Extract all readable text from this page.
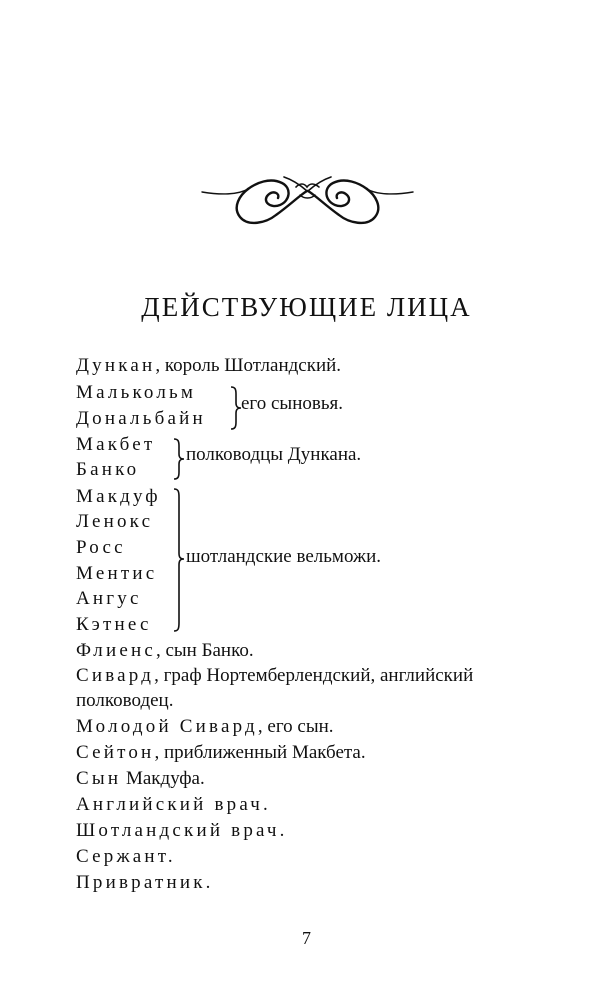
ДЕЙСТВУЮЩИЕ ЛИЦА
Дункан, король Шотландский.
Малькольм
Дональбайн
его сыновья.
Макбет
Банко
полководцы Дункана.
Макдуф
Ленокс
Росс
Ментис
Ангус
Кэтнес
шотландские вельможи.
Флиенс, сын Банко.
Сивард, граф Нортемберлендский, английский
полководец.
Молодой Сивард, его сын.
Сейтон, приближенный Макбета.
Сын Макдуфа.
Английский врач.
Шотландский врач.
Сержант.
Привратник.
7
